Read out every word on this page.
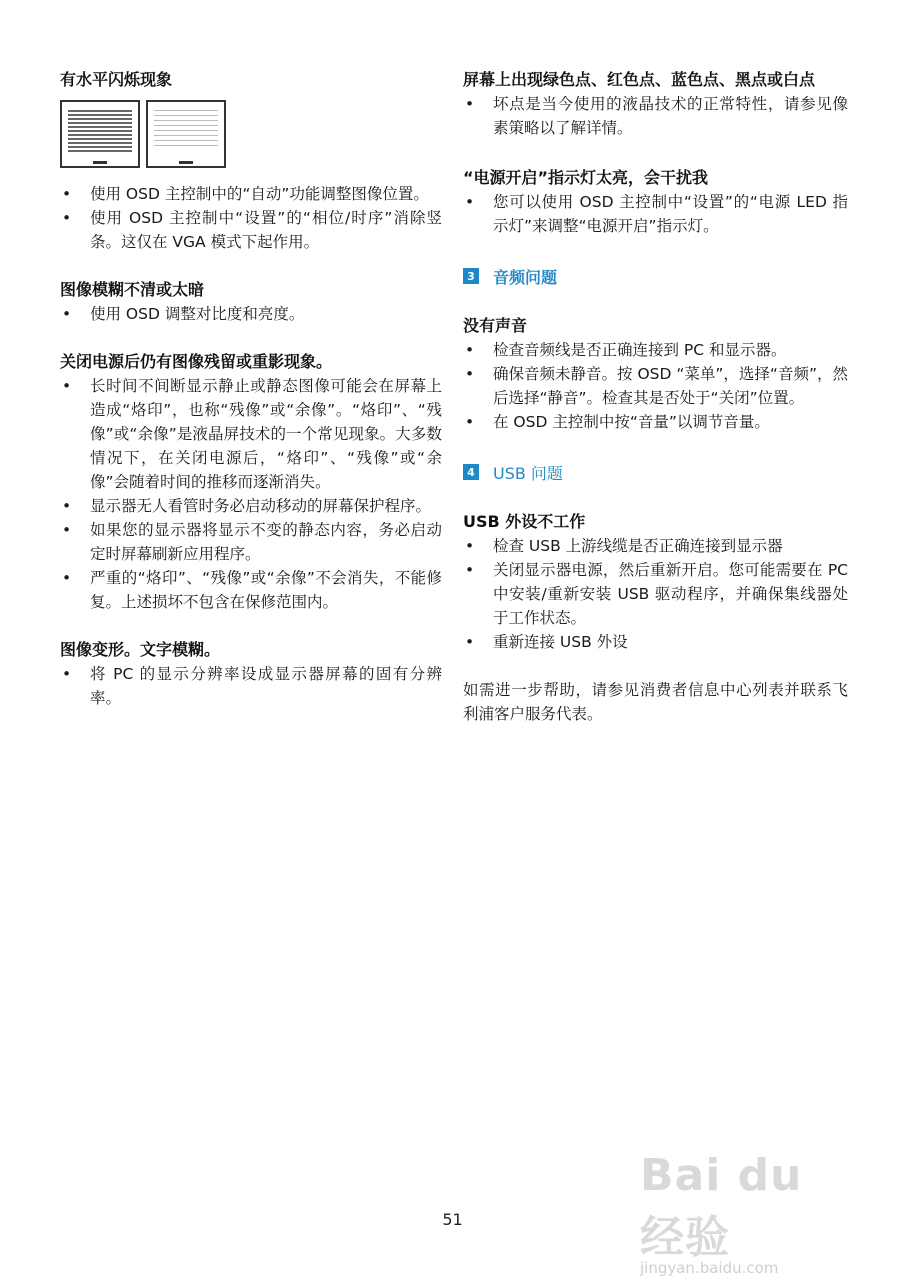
有水平闪烁现象
• 使用 OSD 主控制中的“自动”功能调整图像位置。
• 使用 OSD 主控制中“设置”的“相位/时序”消除竖条。这仅在 VGA 模式下起作用。
图像模糊不清或太暗
• 使用 OSD 调整对比度和亮度。
关闭电源后仍有图像残留或重影现象。
• 长时间不间断显示静止或静态图像可能会在屏幕上造成“烙印”，也称“残像”或“余像”。“烙印”、“残像”或“余像”是液晶屏技术的一个常见现象。大多数情况下，在关闭电源后，“烙印”、“残像”或“余像”会随着时间的推移而逐渐消失。
• 显示器无人看管时务必启动移动的屏幕保护程序。
• 如果您的显示器将显示不变的静态内容，务必启动定时屏幕刷新应用程序。
• 严重的“烙印”、“残像”或“余像”不会消失，不能修复。上述损坏不包含在保修范围内。
图像变形。文字模糊。
• 将 PC 的显示分辨率设成显示器屏幕的固有分辨率。
屏幕上出现绿色点、红色点、蓝色点、黑点或白点
• 坏点是当今使用的液晶技术的正常特性，请参见像素策略以了解详情。
“电源开启”指示灯太亮，会干扰我
• 您可以使用 OSD 主控制中“设置”的“电源 LED 指示灯”来调整“电源开启”指示灯。
3 音频问题
没有声音
• 检查音频线是否正确连接到 PC 和显示器。
• 确保音频未静音。按 OSD “菜单”，选择“音频”，然后选择“静音”。检查其是否处于“关闭”位置。
• 在 OSD 主控制中按“音量”以调节音量。
4 USB 问题
USB 外设不工作
• 检查 USB 上游线缆是否正确连接到显示器
• 关闭显示器电源，然后重新开启。您可能需要在 PC 中安装/重新安装 USB 驱动程序，并确保集线器处于工作状态。
• 重新连接 USB 外设

如需进一步帮助，请参见消费者信息中心列表并联系飞利浦客户服务代表。

51
Bai du 经验
jingyan.baidu.com
